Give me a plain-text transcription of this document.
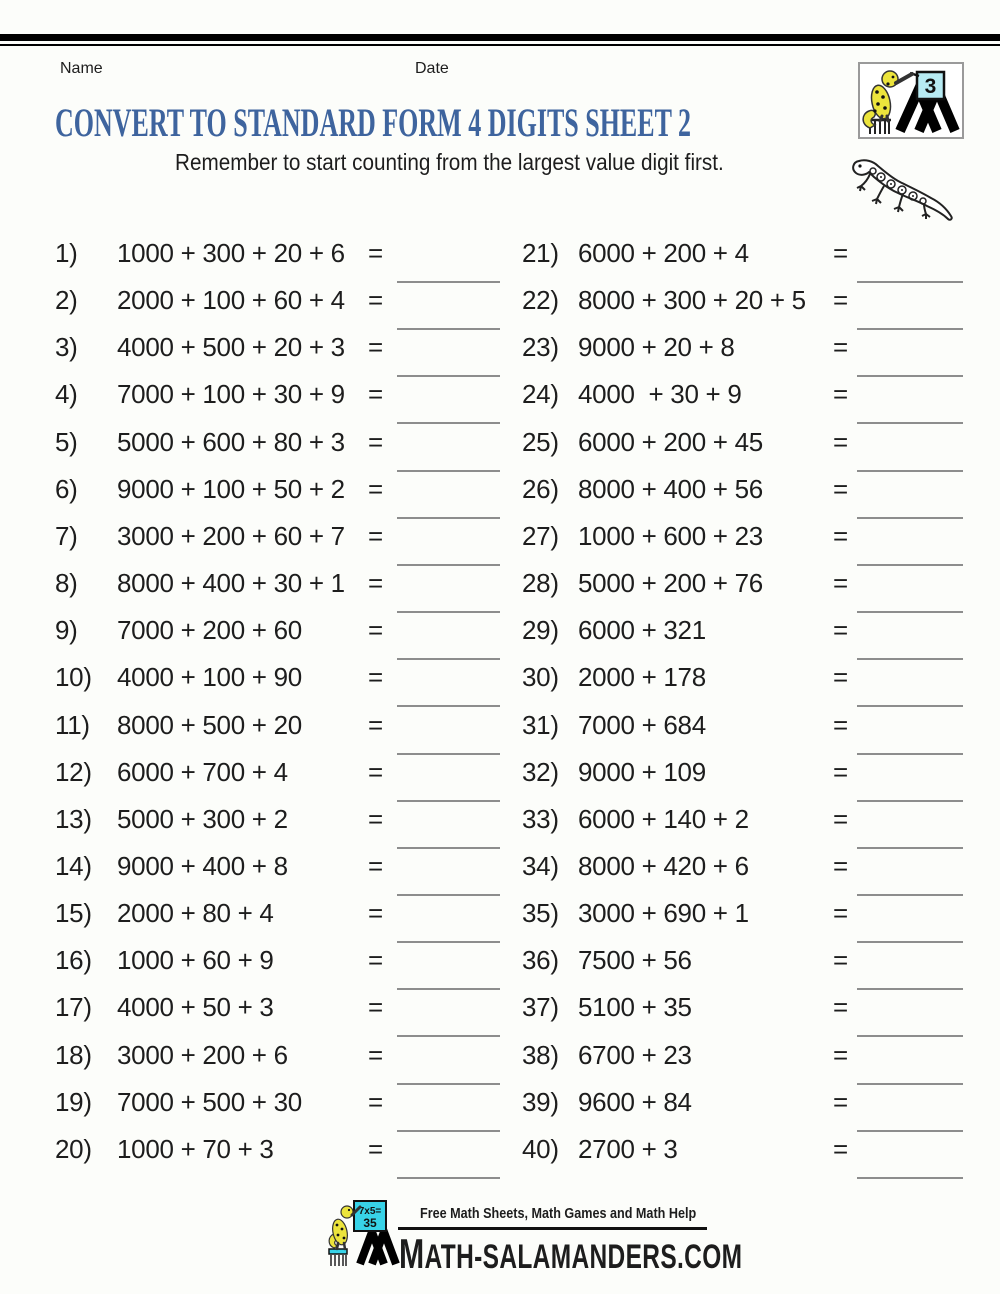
Name	Date
CONVERT TO STANDARD FORM 4 DIGITS SHEET 2
Remember to start counting from the largest value digit first.
3
1) 1000 + 300 + 20 + 6 =
2) 2000 + 100 + 60 + 4 =
3) 4000 + 500 + 20 + 3 =
4) 7000 + 100 + 30 + 9 =
5) 5000 + 600 + 80 + 3 =
6) 9000 + 100 + 50 + 2 =
7) 3000 + 200 + 60 + 7 =
8) 8000 + 400 + 30 + 1 =
9) 7000 + 200 + 60	=
10) 4000 + 100 + 90	=
11) 8000 + 500 + 20	=
12) 6000 + 700 + 4	=
13) 5000 + 300 + 2	=
14) 9000 + 400 + 8	=
15) 2000 + 80 + 4	=
16) 1000 + 60 + 9	=
17) 4000 + 50 + 3	=
18) 3000 + 200 + 6	=
19) 7000 + 500 + 30	=
20) 1000 + 70 + 3	=
21) 6000 + 200 + 4	=
22) 8000 + 300 + 20 + 5 =
23) 9000 + 20 + 8	=
24) 4000  + 30 + 9	=
25) 6000 + 200 + 45	=
26) 8000 + 400 + 56	=
27) 1000 + 600 + 23	=
28) 5000 + 200 + 76	=
29) 6000 + 321	=
30) 2000 + 178	=
31) 7000 + 684	=
32) 9000 + 109	=
33) 6000 + 140 + 2	=
34) 8000 + 420 + 6	=
35) 3000 + 690 + 1	=
36) 7500 + 56	=
37) 5100 + 35	=
38) 6700 + 23	=
39) 9600 + 84	=
40) 2700 + 3	=
7x5=
35
Free Math Sheets, Math Games and Math Help
MATH-SALAMANDERS.COM
